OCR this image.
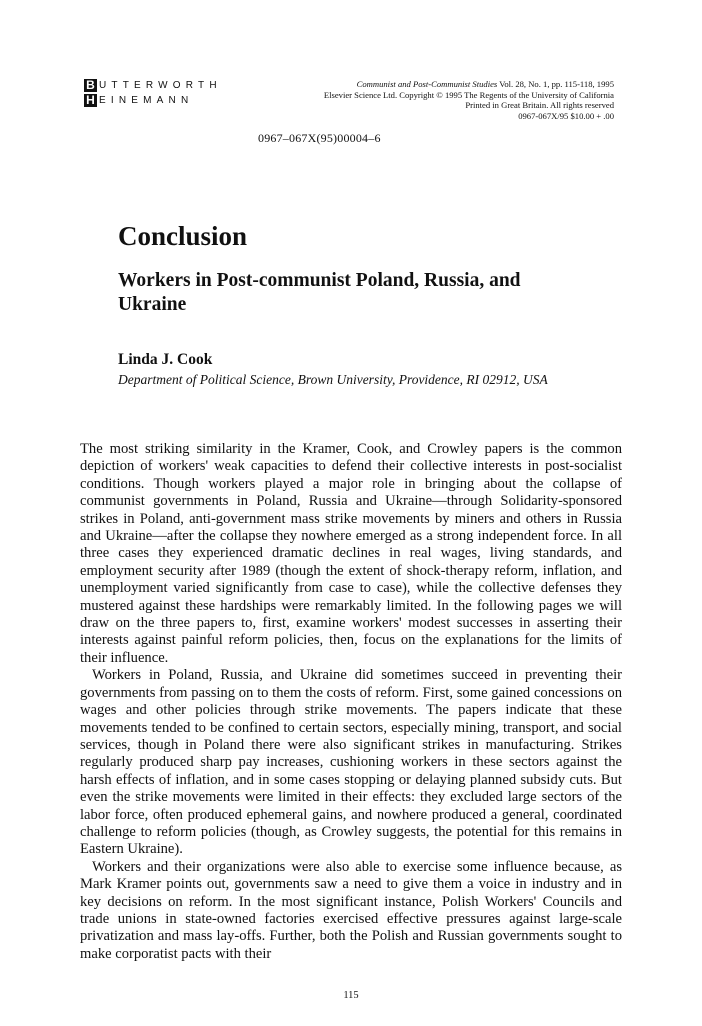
B UTTERWORTH
H EINEMANN
Communist and Post-Communist Studies Vol. 28, No. 1, pp. 115-118, 1995
Elsevier Science Ltd. Copyright © 1995 The Regents of the University of California
Printed in Great Britain. All rights reserved
0967-067X/95 $10.00 + .00
0967–067X(95)00004–6
Conclusion
Workers in Post-communist Poland, Russia, and Ukraine
Linda J. Cook
Department of Political Science, Brown University, Providence, RI 02912, USA

The most striking similarity in the Kramer, Cook, and Crowley papers is the common depiction of workers' weak capacities to defend their collective interests in post-socialist conditions. Though workers played a major role in bringing about the collapse of communist governments in Poland, Russia and Ukraine—through Solidarity-sponsored strikes in Poland, anti-government mass strike movements by miners and others in Russia and Ukraine—after the collapse they nowhere emerged as a strong independent force. In all three cases they experienced dramatic declines in real wages, living standards, and employment security after 1989 (though the extent of shock-therapy reform, inflation, and unemployment varied significantly from case to case), while the collective defenses they mustered against these hardships were remarkably limited. In the following pages we will draw on the three papers to, first, examine workers' modest successes in asserting their interests against painful reform policies, then, focus on the explanations for the limits of their influence.

Workers in Poland, Russia, and Ukraine did sometimes succeed in preventing their governments from passing on to them the costs of reform. First, some gained concessions on wages and other policies through strike movements. The papers indicate that these movements tended to be confined to certain sectors, especially mining, transport, and social services, though in Poland there were also significant strikes in manufacturing. Strikes regularly produced sharp pay increases, cushioning workers in these sectors against the harsh effects of inflation, and in some cases stopping or delaying planned subsidy cuts. But even the strike movements were limited in their effects: they excluded large sectors of the labor force, often produced ephemeral gains, and nowhere produced a general, coordinated challenge to reform policies (though, as Crowley suggests, the potential for this remains in Eastern Ukraine).

Workers and their organizations were also able to exercise some influence because, as Mark Kramer points out, governments saw a need to give them a voice in industry and in key decisions on reform. In the most significant instance, Polish Workers' Councils and trade unions in state-owned factories exercised effective pressures against large-scale privatization and mass lay-offs. Further, both the Polish and Russian governments sought to make corporatist pacts with their

115
